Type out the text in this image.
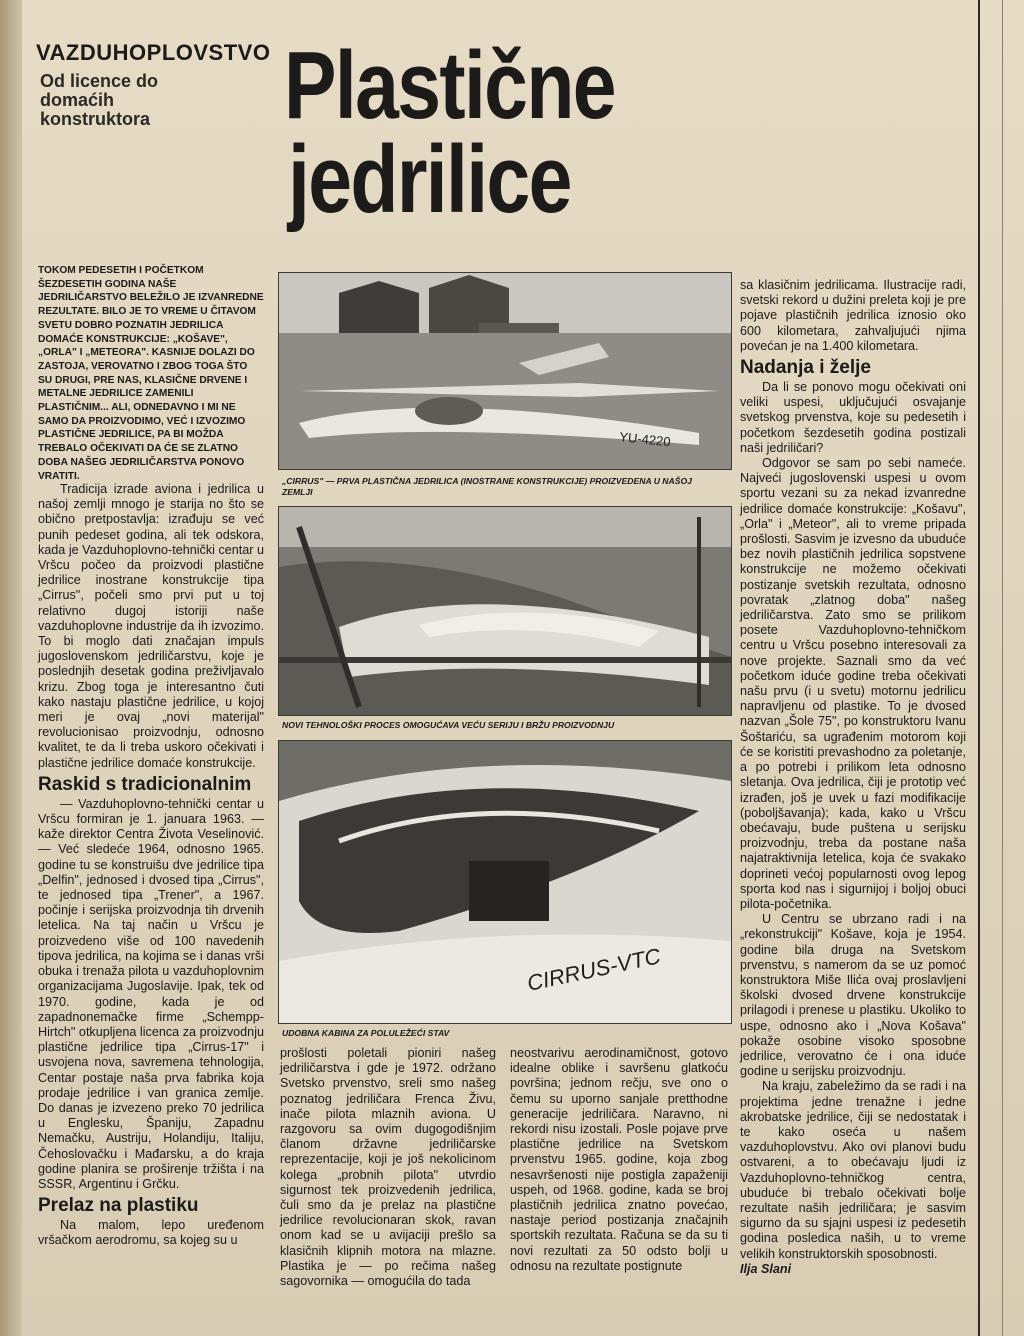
VAZDUHOPLOVSTVO
Od licence do domaćih konstruktora	Plastične
jedrilice
TOKOM PEDESETIH I POČETKOM ŠEZDESETIH GODINA NAŠE JEDRILIČARSTVO BELEŽILO JE IZVANREDNE REZULTATE. BILO JE TO VREME U ČITAVOM SVETU DOBRO POZNATIH JEDRILICA DOMAĆE KONSTRUKCIJE: „KOŠAVE", „ORLA" I „METEORA". KASNIJE DOLAZI DO ZASTOJA, VEROVATNO I ZBOG TOGA ŠTO SU DRUGI, PRE NAS, KLASIČNE DRVENE I METALNE JEDRILICE ZAMENILI PLASTIČNIM... ALI, ODNEDAVNO I MI NE SAMO DA PROIZVODIMO, VEĆ I IZVOZIMO PLASTIČNE JEDRILICE, PA BI MOŽDA TREBALO OČEKIVATI DA ĆE SE ZLATNO DOBA NAŠEG JEDRILIČARSTVA PONOVO VRATITI.

Tradicija izrade aviona i jedrilica u našoj zemlji mnogo je starija no što se obično pretpostavlja: izrađuju se već punih pedeset godina, ali tek odskora, kada je Vazduhoplovno-tehnički centar u Vršcu počeo da proizvodi plastične jedrilice inostrane konstrukcije tipa „Cirrus", počeli smo prvi put u toj relativno dugoj istoriji naše vazduhoplovne industrije da ih izvozimo. To bi moglo dati značajan impuls jugoslovenskom jedriličarstvu, koje je poslednjih desetak godina preživljavalo krizu. Zbog toga je interesantno čuti kako nastaju plastične jedrilice, u kojoj meri je ovaj „novi materijal" revolucionisao proizvodnju, odnosno kvalitet, te da li treba uskoro očekivati i plastične jedrilice domaće konstrukcije.

Raskid s tradicionalnim

— Vazduhoplovno-tehnički centar u Vršcu formiran je 1. januara 1963. — kaže direktor Centra Života Veselinović. — Već sledeće 1964, odnosno 1965. godine tu se konstruišu dve jedrilice tipa „Delfin", jednosed i dvosed tipa „Cirrus", te jednosed tipa „Trener", a 1967. počinje i serijska proizvodnja tih drvenih letelica. Na taj način u Vršcu je proizvedeno više od 100 navedenih tipova jedrilica, na kojima se i danas vrši obuka i trenaža pilota u vazduhoplovnim organizacijama Jugoslavije. Ipak, tek od 1970. godine, kada je od zapadnonemačke firme „Schempp-Hirtch" otkupljena licenca za proizvodnju plastične jedrilice tipa „Cirrus-17" i usvojena nova, savremena tehnologija, Centar postaje naša prva fabrika koja prodaje jedrilice i van granica zemlje. Do danas je izvezeno preko 70 jedrilica u Englesku, Španiju, Zapadnu Nemačku, Austriju, Holandiju, Italiju, Čehoslovačku i Mađarsku, a do kraja godine planira se proširenje tržišta i na SSSR, Argentinu i Grčku.

Prelaz na plastiku

Na malom, lepo uređenom vršačkom aerodromu, sa kojeg su u

YU-4220
„CIRRUS" — PRVA PLASTIČNA JEDRILICA (INOSTRANE KONSTRUKCIJE) PROIZVEDENA U NAŠOJ ZEMLJI
NOVI TEHNOLOŠKI PROCES OMOGUĆAVA VEĆU SERIJU I BRŽU PROIZVODNJU
CIRRUS-VTC
UDOBNA KABINA ZA POLULEŽEĆI STAV

prošlosti poletali pioniri našeg jedriličarstva i gde je 1972. održano Svetsko prvenstvo, sreli smo našeg poznatog jedriličara Frenca Živu, inače pilota mlaznih aviona. U razgovoru sa ovim dugogodišnjim članom državne jedriličarske reprezentacije, koji je još nekolicinom kolega „probnih pilota" utvrdio sigurnost tek proizvedenih jedrilica, čuli smo da je prelaz na plastične jedrilice revolucionaran skok, ravan onom kad se u avijaciji prešlo sa klasičnih klipnih motora na mlazne. Plastika je — po rečima našeg sagovornika — omogućila do tada

neostvarivu aerodinamičnost, gotovo idealne oblike i savršenu glatkoću površina; jednom rečju, sve ono o čemu su uporno sanjale pretthodne generacije jedriličara. Naravno, ni rekordi nisu izostali. Posle pojave prve plastične jedrilice na Svetskom prvenstvu 1965. godine, koja zbog nesavršenosti nije postigla zapaženiji uspeh, od 1968. godine, kada se broj plastičnih jedrilica znatno povećao, nastaje period postizanja značajnih sportskih rezultata. Računa se da su ti novi rezultati za 50 odsto bolji u odnosu na rezultate postignute

sa klasičnim jedrilicama. Ilustracije radi, svetski rekord u dužini preleta koji je pre pojave plastičnih jedrilica iznosio oko 600 kilometara, zahvaljujući njima povećan je na 1.400 kilometara.

Nadanja i želje

Da li se ponovo mogu očekivati oni veliki uspesi, uključujući osvajanje svetskog prvenstva, koje su pedesetih i početkom šezdesetih godina postizali naši jedriličari?

Odgovor se sam po sebi nameće. Najveći jugoslovenski uspesi u ovom sportu vezani su za nekad izvanredne jedrilice domaće konstrukcije: „Košavu", „Orla" i „Meteor", ali to vreme pripada prošlosti. Sasvim je izvesno da ubuduće bez novih plastičnih jedrilica sopstvene konstrukcije ne možemo očekivati postizanje svetskih rezultata, odnosno povratak „zlatnog doba" našeg jedriličarstva. Zato smo se prilikom posete Vazduhoplovno-tehničkom centru u Vršcu posebno interesovali za nove projekte. Saznali smo da već početkom iduće godine treba očekivati našu prvu (i u svetu) motornu jedrilicu napravljenu od plastike. To je dvosed nazvan „Šole 75", po konstruktoru Ivanu Šoštariću, sa ugrađenim motorom koji će se koristiti prevashodno za poletanje, a po potrebi i prilikom leta odnosno sletanja. Ova jedrilica, čiji je prototip već izrađen, još je uvek u fazi modifikacije (poboljšavanja); kada, kako u Vršcu obećavaju, bude puštena u serijsku proizvodnju, treba da postane naša najatraktivnija letelica, koja će svakako doprineti većoj popularnosti ovog lepog sporta kod nas i sigurnijoj i boljoj obuci pilota-početnika.

U Centru se ubrzano radi i na „rekonstrukciji" Košave, koja je 1954. godine bila druga na Svetskom prvenstvu, s namerom da se uz pomoć konstruktora Miše Ilića ovaj proslavljeni školski dvosed drvene konstrukcije prilagodi i prenese u plastiku. Ukoliko to uspe, odnosno ako i „Nova Košava" pokaže osobine visoko sposobne jedrilice, verovatno će i ona iduće godine u serijsku proizvodnju.

Na kraju, zabeležimo da se radi i na projektima jedne trenažne i jedne akrobatske jedrilice, čiji se nedostatak i te kako oseća u našem vazduhoplovstvu. Ako ovi planovi budu ostvareni, a to obećavaju ljudi iz Vazduhoplovno-tehničkog centra, ubuduće bi trebalo očekivati bolje rezultate naših jedriličara; je sasvim sigurno da su sjajni uspesi iz pedesetih godina posledica naših, u to vreme velikih konstruktorskih sposobnosti.

Ilja Slani
